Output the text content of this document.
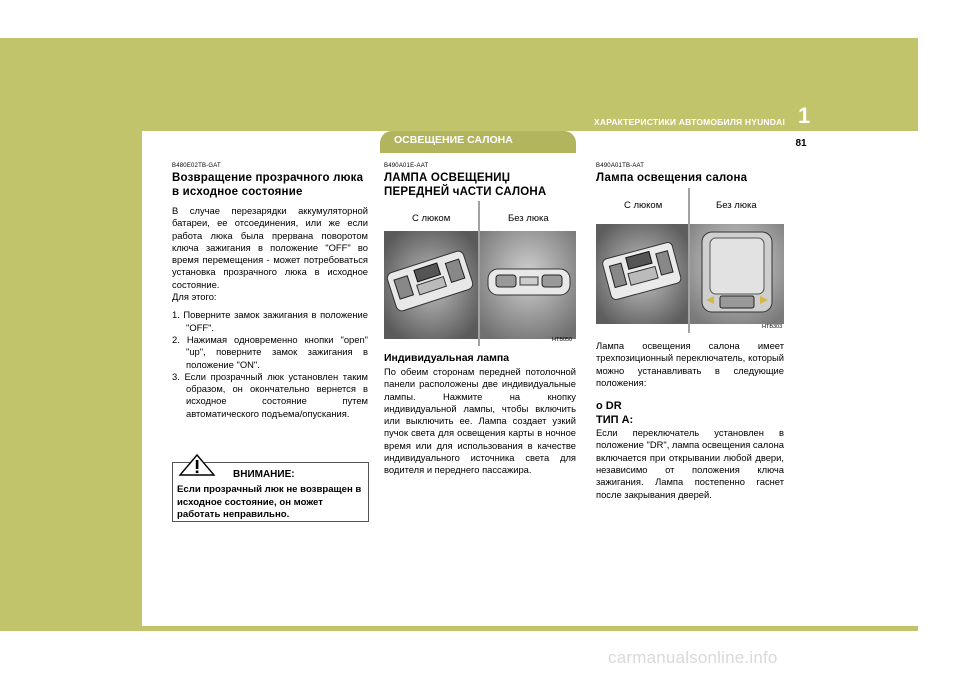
ХАРАКТЕРИСТИКИ АВТОМОБИЛЯ HYUNDAI 1
81
ОСВЕЩЕНИЕ САЛОНА
B480E02TB-GAT
Возвращение прозрачного люка в исходное состояние
В случае перезарядки аккумуляторной батареи, ее отсоединения, или же если работа люка была прервана поворотом ключа зажигания в положение "OFF" во время перемещения - может потребоваться установка прозрачного люка в исходное состояние.
Для этого:
1. Поверните замок зажигания в положение "OFF".
2. Нажимая одновременно кнопки "open" "up", поверните замок зажигания в положение "ON".
3. Если прозрачный люк установлен таким образом, он окончательно вернется в исходное состояние путем автоматического подъема/опускания.
ВНИМАНИЕ:
Если прозрачный люк не возвращен в исходное состояние, он может работать неправильно.
B490A01E-AAT
ЛАМПА ОСВЕЩЕНИЏ ПЕРЕДНЕЙ чАСТИ САЛОНА
С люком	Без люка
HTB050
Индивидуальная лампа
По обеим сторонам передней потолочной панели расположены две индивидуальные лампы. Нажмите на кнопку индивидуальной лампы, чтобы включить или выключить ее. Лампа создает узкий пучок света для освещения карты в ночное время или для использования в качестве индивидуального источника света для водителя и переднего пассажира.
B490A01TB-AAT
Лампа освещения салона
С люком	Без люка
HTB303
Лампа освещения салона имеет трехпозиционный переключатель, который можно устанавливать в следующие положения:
o DR
ТИП A:
Если переключатель установлен в положение "DR", лампа освещения салона включается при открывании любой двери, независимо от положения ключа зажигания. Лампа постепенно гаснет после закрывания дверей.
carmanualsonline.info
